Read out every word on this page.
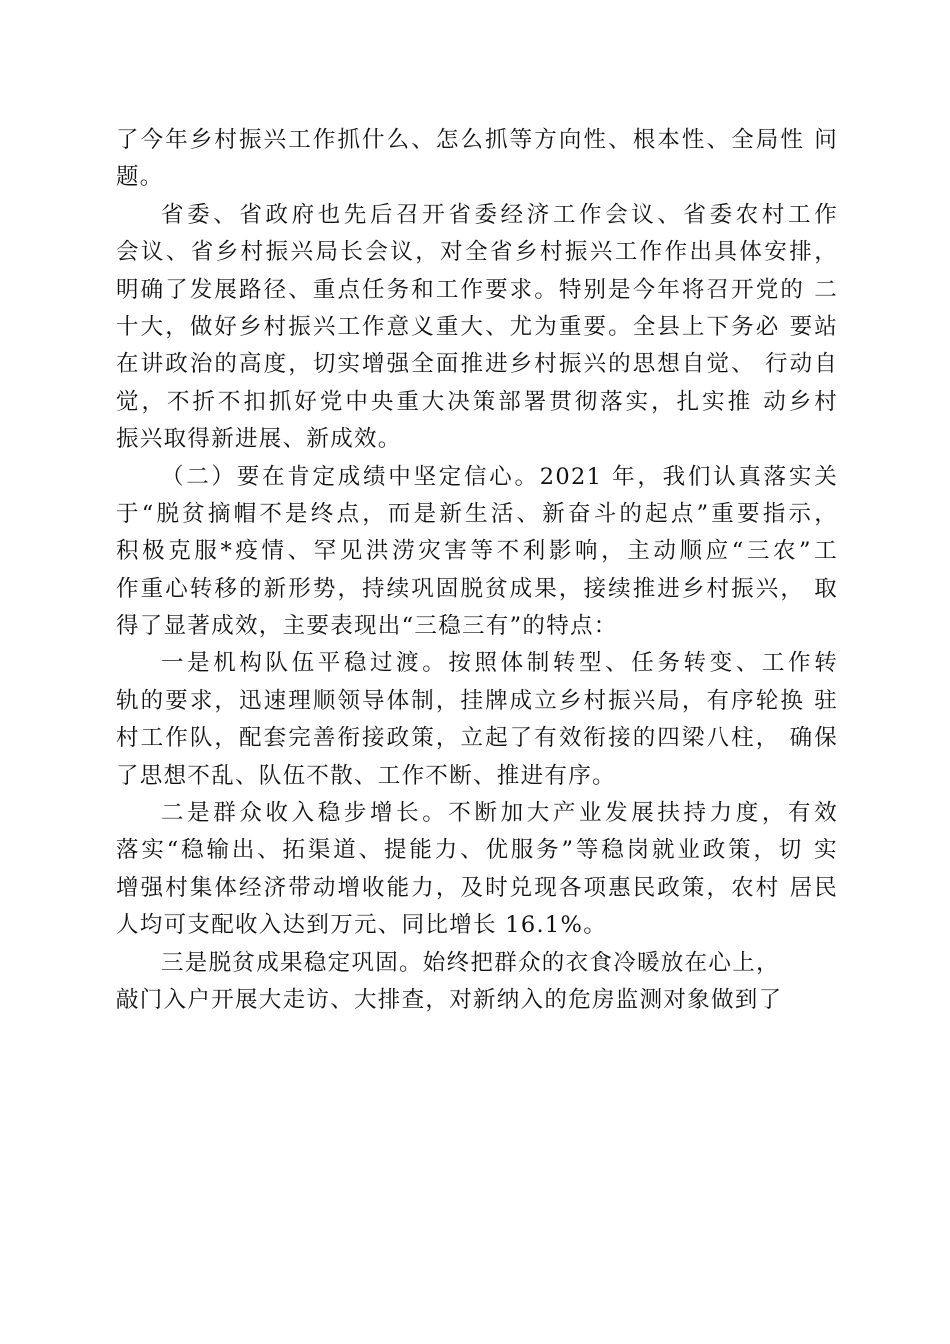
了今年乡村振兴工作抓什么、怎么抓等方向性、根本性、全局性 问
题。
省委、省政府也先后召开省委经济工作会议、省委农村工作
会议、省乡村振兴局长会议，对全省乡村振兴工作作出具体安排，
明确了发展路径、重点任务和工作要求。特别是今年将召开党的 二
十大，做好乡村振兴工作意义重大、尤为重要。全县上下务必 要站
在讲政治的高度，切实增强全面推进乡村振兴的思想自觉、 行动自
觉，不折不扣抓好党中央重大决策部署贯彻落实，扎实推 动乡村
振兴取得新进展、新成效。
（二）要在肯定成绩中坚定信心。2021 年，我们认真落实关
于“脱贫摘帽不是终点，而是新生活、新奋斗的起点”重要指示，
积极克服*疫情、罕见洪涝灾害等不利影响，主动顺应“三农”工
作重心转移的新形势，持续巩固脱贫成果，接续推进乡村振兴， 取
得了显著成效，主要表现出“三稳三有”的特点：
一是机构队伍平稳过渡。按照体制转型、任务转变、工作转
轨的要求，迅速理顺领导体制，挂牌成立乡村振兴局，有序轮换 驻
村工作队，配套完善衔接政策，立起了有效衔接的四梁八柱， 确保
了思想不乱、队伍不散、工作不断、推进有序。
二是群众收入稳步增长。不断加大产业发展扶持力度，有效
落实“稳输出、拓渠道、提能力、优服务”等稳岗就业政策，切 实
增强村集体经济带动增收能力，及时兑现各项惠民政策，农村 居民
人均可支配收入达到万元、同比增长 16.1%。
三是脱贫成果稳定巩固。始终把群众的衣食冷暖放在心上，
敲门入户开展大走访、大排查，对新纳入的危房监测对象做到了
